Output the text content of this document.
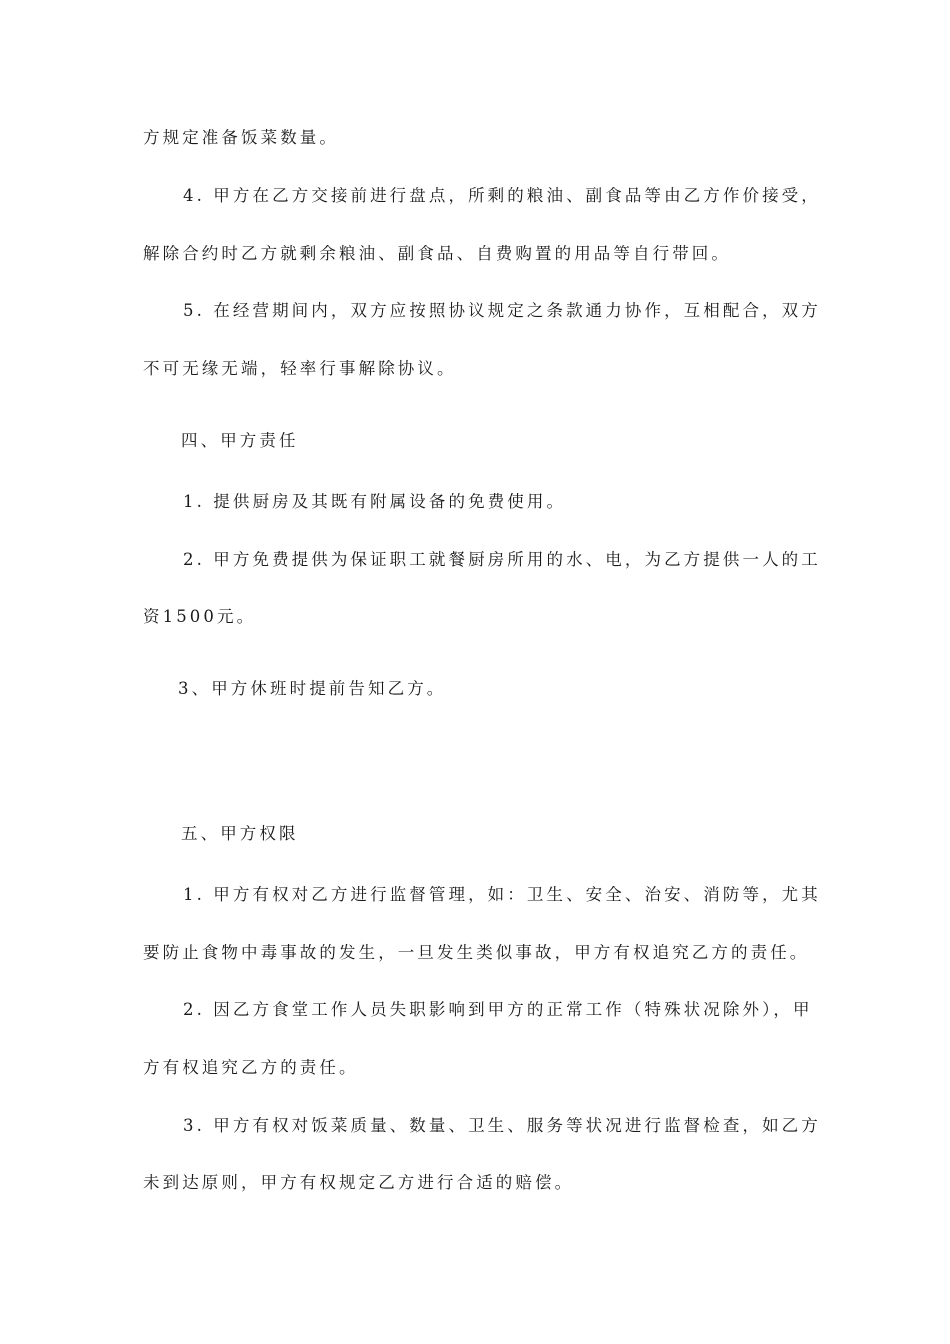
方规定准备饭菜数量。
4. 甲方在乙方交接前进行盘点，所剩的粮油、副食品等由乙方作价接受，
解除合约时乙方就剩余粮油、副食品、自费购置的用品等自行带回。
5. 在经营期间内，双方应按照协议规定之条款通力协作，互相配合，双方
不可无缘无端，轻率行事解除协议。
四、甲方责任
1. 提供厨房及其既有附属设备的免费使用。
2. 甲方免费提供为保证职工就餐厨房所用的水、电，为乙方提供一人的工
资1500元。
3、甲方休班时提前告知乙方。
五、甲方权限
1. 甲方有权对乙方进行监督管理，如：卫生、安全、治安、消防等，尤其
要防止食物中毒事故的发生，一旦发生类似事故，甲方有权追究乙方的责任。
2. 因乙方食堂工作人员失职影响到甲方的正常工作（特殊状况除外），甲
方有权追究乙方的责任。
3. 甲方有权对饭菜质量、数量、卫生、服务等状况进行监督检查，如乙方
未到达原则，甲方有权规定乙方进行合适的赔偿。
